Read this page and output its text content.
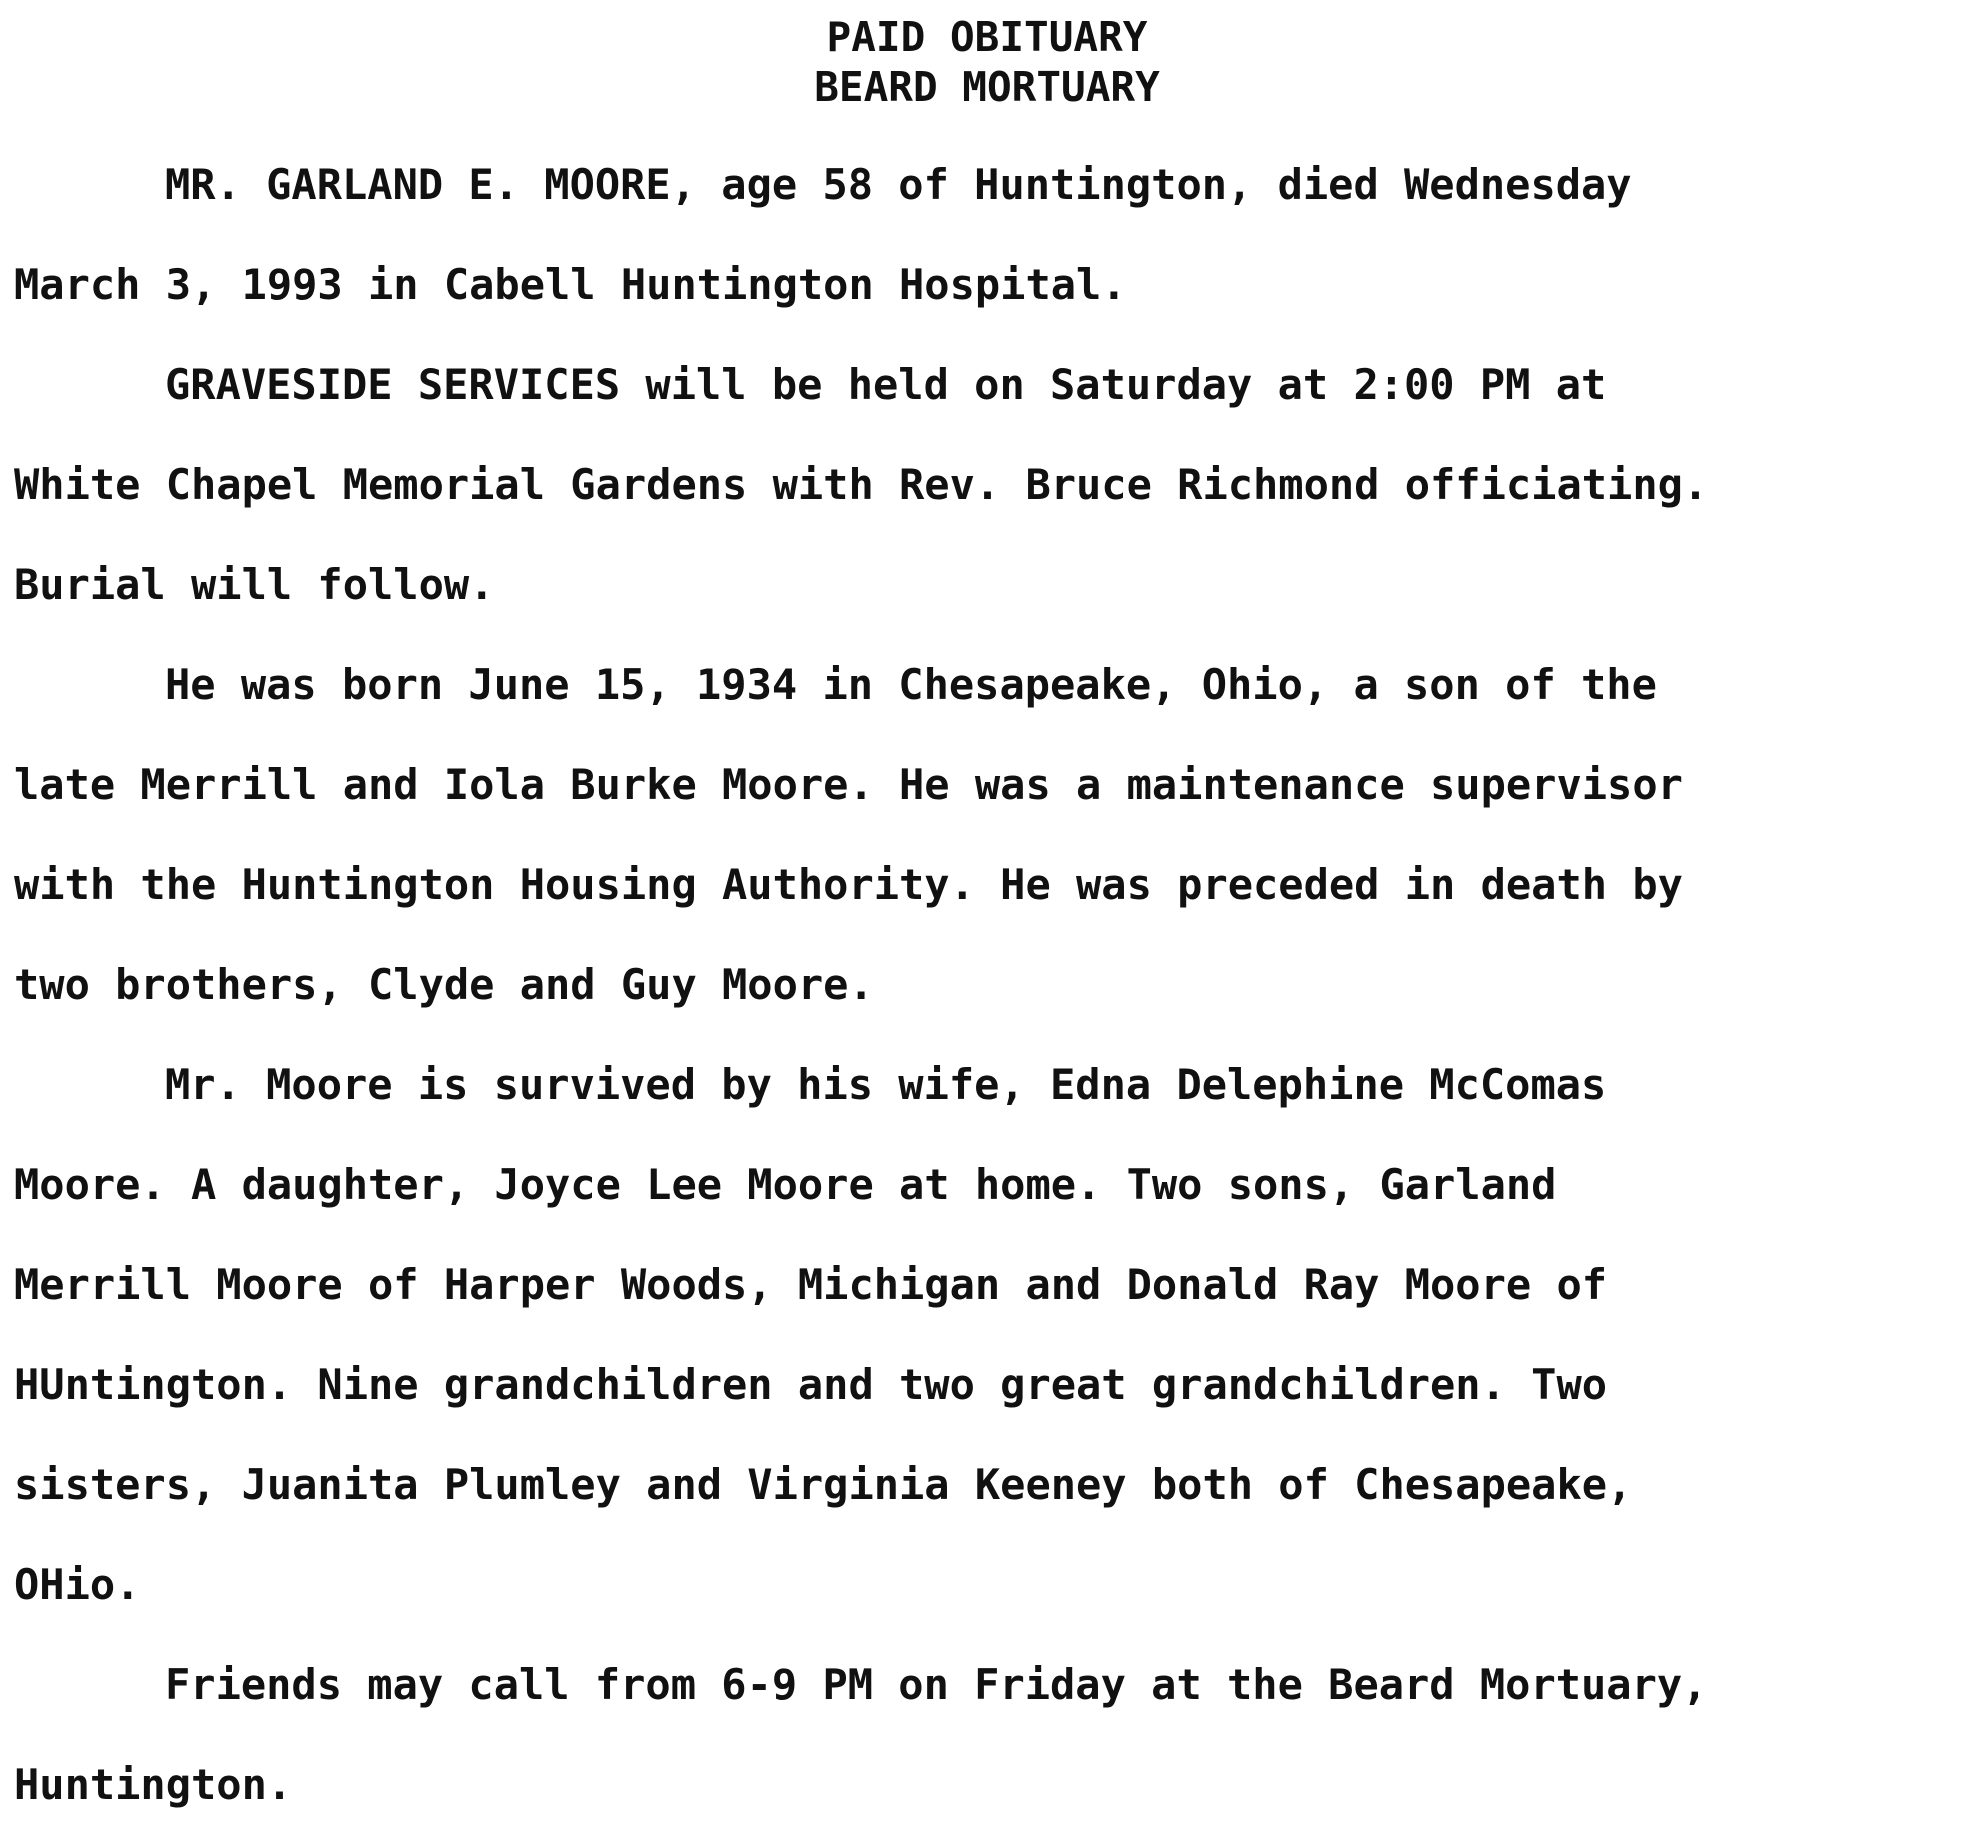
PAID OBITUARY
BEARD MORTUARY
MR. GARLAND E. MOORE, age 58 of Huntington, died Wednesday
March 3, 1993 in Cabell Huntington Hospital.
GRAVESIDE SERVICES will be held on Saturday at 2:00 PM at
White Chapel Memorial Gardens with Rev. Bruce Richmond officiating.
Burial will follow.
He was born June 15, 1934 in Chesapeake, Ohio, a son of the
late Merrill and Iola Burke Moore. He was a maintenance supervisor
with the Huntington Housing Authority. He was preceded in death by
two brothers, Clyde and Guy Moore.
Mr. Moore is survived by his wife, Edna Delephine McComas
Moore. A daughter, Joyce Lee Moore at home. Two sons, Garland
Merrill Moore of Harper Woods, Michigan and Donald Ray Moore of
HUntington. Nine grandchildren and two great grandchildren. Two
sisters, Juanita Plumley and Virginia Keeney both of Chesapeake,
OHio.
Friends may call from 6-9 PM on Friday at the Beard Mortuary,
Huntington.
